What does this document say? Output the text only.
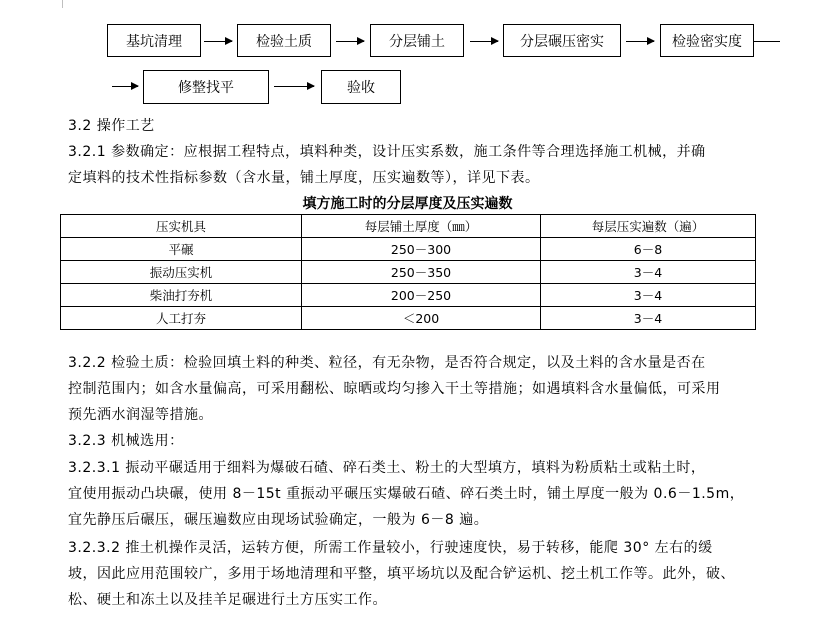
基坑清理	检验土质	分层铺土	分层碾压密实	检验密实度
修整找平	验收
3.2 操作工艺
3.2.1 参数确定：应根据工程特点，填料种类，设计压实系数，施工条件等合理选择施工机械，并确
定填料的技术性指标参数（含水量，铺土厚度，压实遍数等），详见下表。
填方施工时的分层厚度及压实遍数
压实机具	每层铺土厚度（㎜）	每层压实遍数（遍）
平碾	250－300	6－8
振动压实机	250－350	3－4
柴油打夯机	200－250	3－4
人工打夯	＜200	3－4
3.2.2 检验土质：检验回填土料的种类、粒径，有无杂物，是否符合规定，以及土料的含水量是否在
控制范围内；如含水量偏高，可采用翻松、晾晒或均匀掺入干土等措施；如遇填料含水量偏低，可采用
预先洒水润湿等措施。
3.2.3 机械选用：
3.2.3.1 振动平碾适用于细料为爆破石碴、碎石类土、粉土的大型填方，填料为粉质粘土或粘土时，
宜使用振动凸块碾，使用 8－15t 重振动平碾压实爆破石碴、碎石类土时，铺土厚度一般为 0.6－1.5m，
宜先静压后碾压，碾压遍数应由现场试验确定，一般为 6－8 遍。
3.2.3.2 推土机操作灵活，运转方便，所需工作量较小，行驶速度快，易于转移，能爬 30° 左右的缓
坡，因此应用范围较广，多用于场地清理和平整，填平场坑以及配合铲运机、挖土机工作等。此外，破、
松、硬土和冻土以及挂羊足碾进行土方压实工作。
